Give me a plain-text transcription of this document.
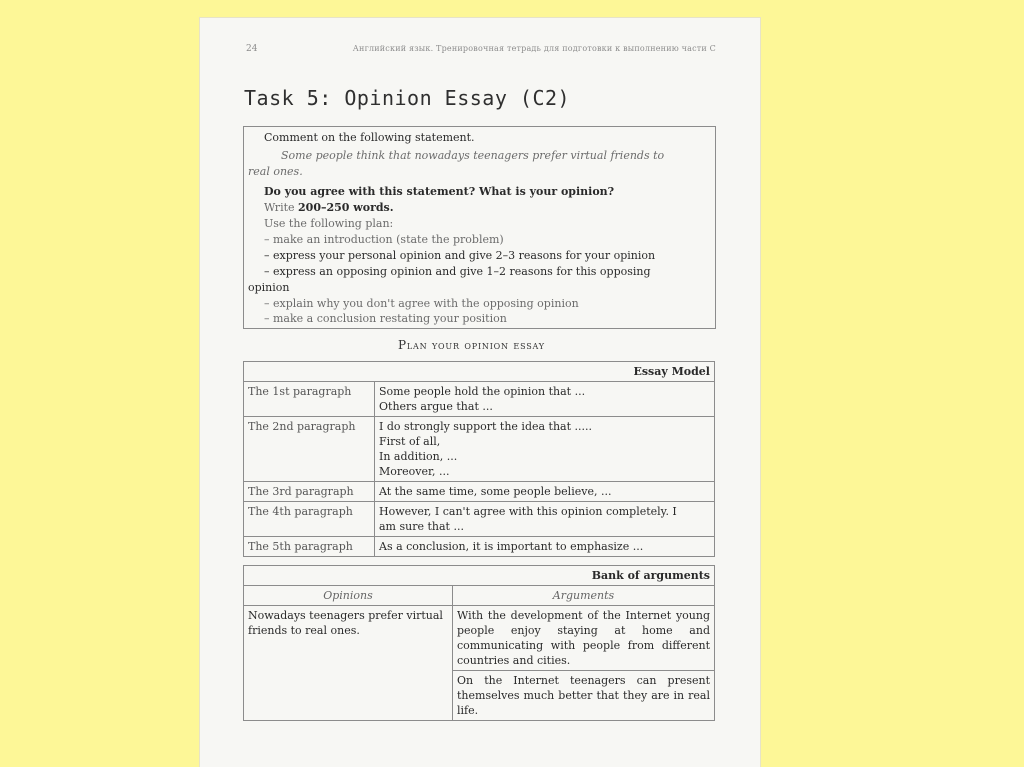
24	Английский язык. Тренировочная тетрадь для подготовки к выполнению части С
Task 5: Opinion Essay (C2)
Comment on the following statement.
Some people think that nowadays teenagers prefer virtual friends to
real ones.
Do you agree with this statement? What is your opinion?
Write 200–250 words.
Use the following plan:
– make an introduction (state the problem)
– express your personal opinion and give 2–3 reasons for your opinion
– express an opposing opinion and give 1–2 reasons for this opposing
opinion
– explain why you don't agree with the opposing opinion
– make a conclusion restating your position
Plan your opinion essay
Essay Model	
The 1st paragraph	Some people hold the opinion that ...
Others argue that ...

The 2nd paragraph	I do strongly support the idea that .....
First of all,
In addition, ...
Moreover, ...

The 3rd paragraph	At the same time, some people believe, ...

The 4th paragraph	However, I can't agree with this opinion completely. I
am sure that ...

The 5th paragraph	As a conclusion, it is important to emphasize ...
Bank of arguments	
Opinions	Arguments
Nowadays teenagers prefer virtual friends to real ones.	With the development of the Internet young people enjoy staying at home and communicating with people from different countries and cities.
	On the Internet teenagers can present themselves much better that they are in real life.
